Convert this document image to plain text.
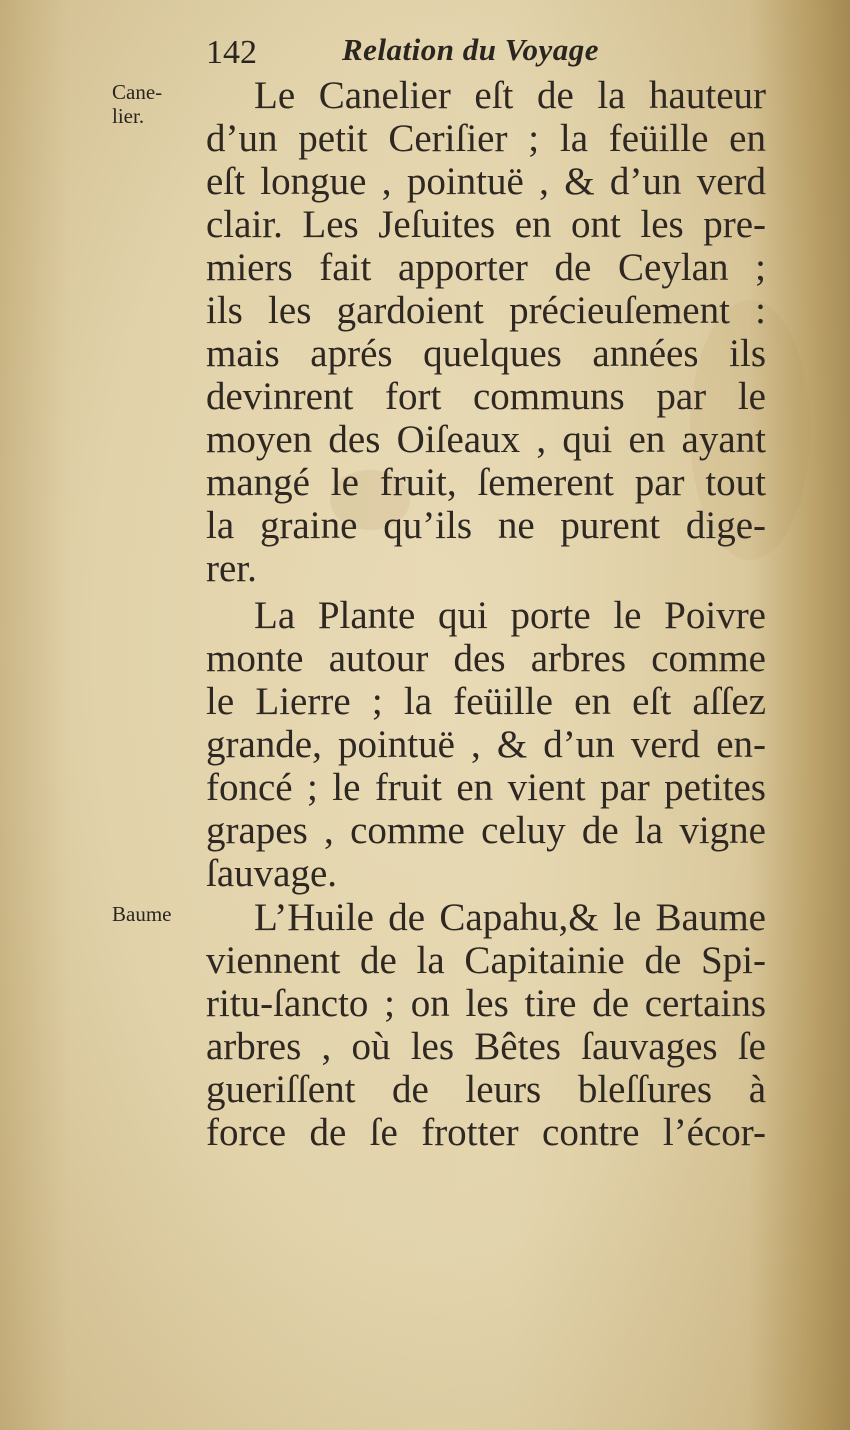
142	Relation du Voyage
Cane-
lier.
Baume
Le Canelier eſt de la hauteur
d’un petit Ceriſier ; la feüille en
eſt longue , pointuë , & d’un verd
clair. Les Jeſuites en ont les pre-
miers fait apporter de Ceylan ;
ils les gardoient précieuſement :
mais aprés quelques années ils
devinrent fort communs par le
moyen des Oiſeaux , qui en ayant
mangé le fruit, ſemerent par tout
la graine qu’ils ne purent dige-
rer.
La Plante qui porte le Poivre
monte autour des arbres comme
le Lierre ; la feüille en eſt aſſez
grande, pointuë , & d’un verd en-
foncé ; le fruit en vient par petites
grapes , comme celuy de la vigne
ſauvage.
L’Huile de Capahu,& le Baume
viennent de la Capitainie de Spi-
ritu-ſancto ; on les tire de certains
arbres , où les Bêtes ſauvages ſe
gueriſſent de leurs bleſſures à
force de ſe frotter contre l’écor-
